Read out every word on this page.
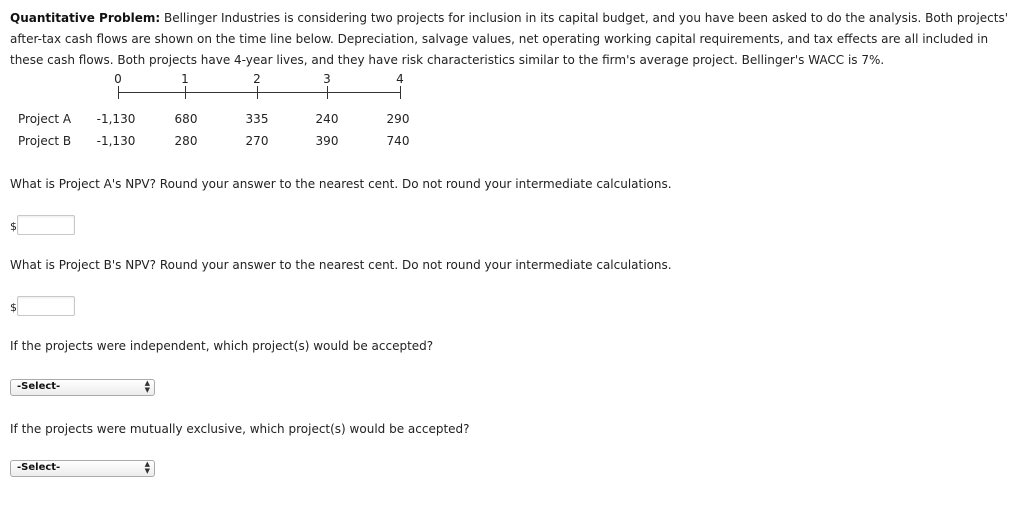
Quantitative Problem: Bellinger Industries is considering two projects for inclusion in its capital budget, and you have been asked to do the analysis. Both projects' after-tax cash flows are shown on the time line below. Depreciation, salvage values, net operating working capital requirements, and tax effects are all included in these cash flows. Both projects have 4-year lives, and they have risk characteristics similar to the firm's average project. Bellinger's WACC is 7%.

0	1	2	3	4
Project A	-1,130	680	335	240	290
Project B	-1,130	280	270	390	740

What is Project A's NPV? Round your answer to the nearest cent. Do not round your intermediate calculations.

$

What is Project B's NPV? Round your answer to the nearest cent. Do not round your intermediate calculations.

$

If the projects were independent, which project(s) would be accepted?

-Select-	▲
▼

If the projects were mutually exclusive, which project(s) would be accepted?

-Select-	▲
▼
